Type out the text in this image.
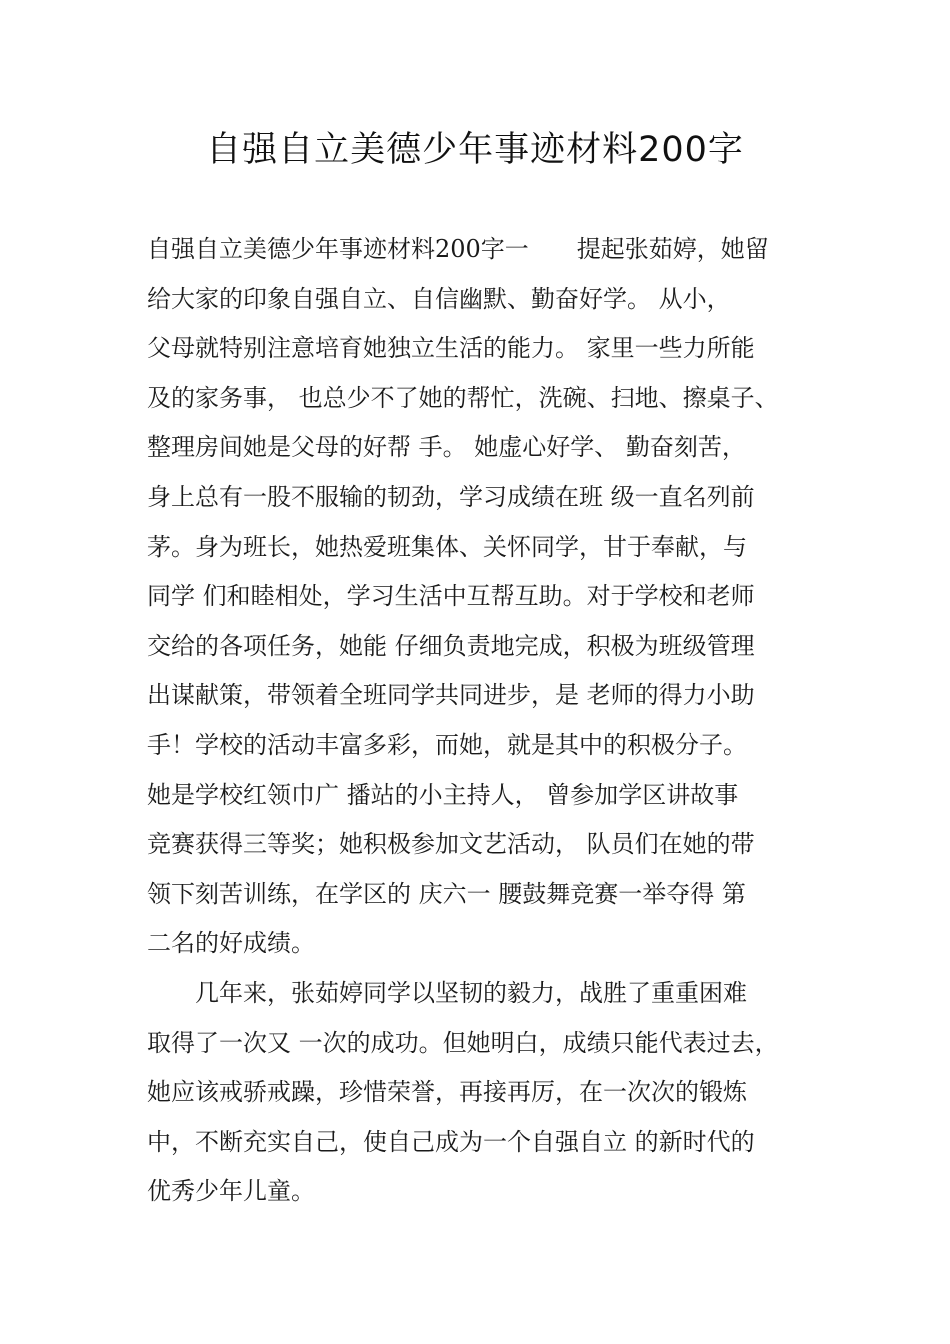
自强自立美德少年事迹材料200字
自强自立美德少年事迹材料200字一　　提起张茹婷，她留
给大家的印象自强自立、自信幽默、勤奋好学。 从小，
父母就特别注意培育她独立生活的能力。 家里一些力所能
及的家务事， 也总少不了她的帮忙，洗碗、扫地、擦桌子、
整理房间她是父母的好帮 手。 她虚心好学、 勤奋刻苦，
身上总有一股不服输的韧劲，学习成绩在班 级一直名列前
茅。身为班长，她热爱班集体、关怀同学，甘于奉献，与
同学 们和睦相处，学习生活中互帮互助。对于学校和老师
交给的各项任务，她能 仔细负责地完成，积极为班级管理
出谋献策，带领着全班同学共同进步，是 老师的得力小助
手！学校的活动丰富多彩，而她，就是其中的积极分子。
她是学校红领巾广 播站的小主持人， 曾参加学区讲故事
竞赛获得三等奖；她积极参加文艺活动， 队员们在她的带
领下刻苦训练，在学区的 庆六一 腰鼓舞竞赛一举夺得 第
二名的好成绩。
　　几年来，张茹婷同学以坚韧的毅力，战胜了重重困难
取得了一次又 一次的成功。但她明白，成绩只能代表过去，
她应该戒骄戒躁，珍惜荣誉，再接再厉，在一次次的锻炼
中，不断充实自己，使自己成为一个自强自立 的新时代的
优秀少年儿童。
